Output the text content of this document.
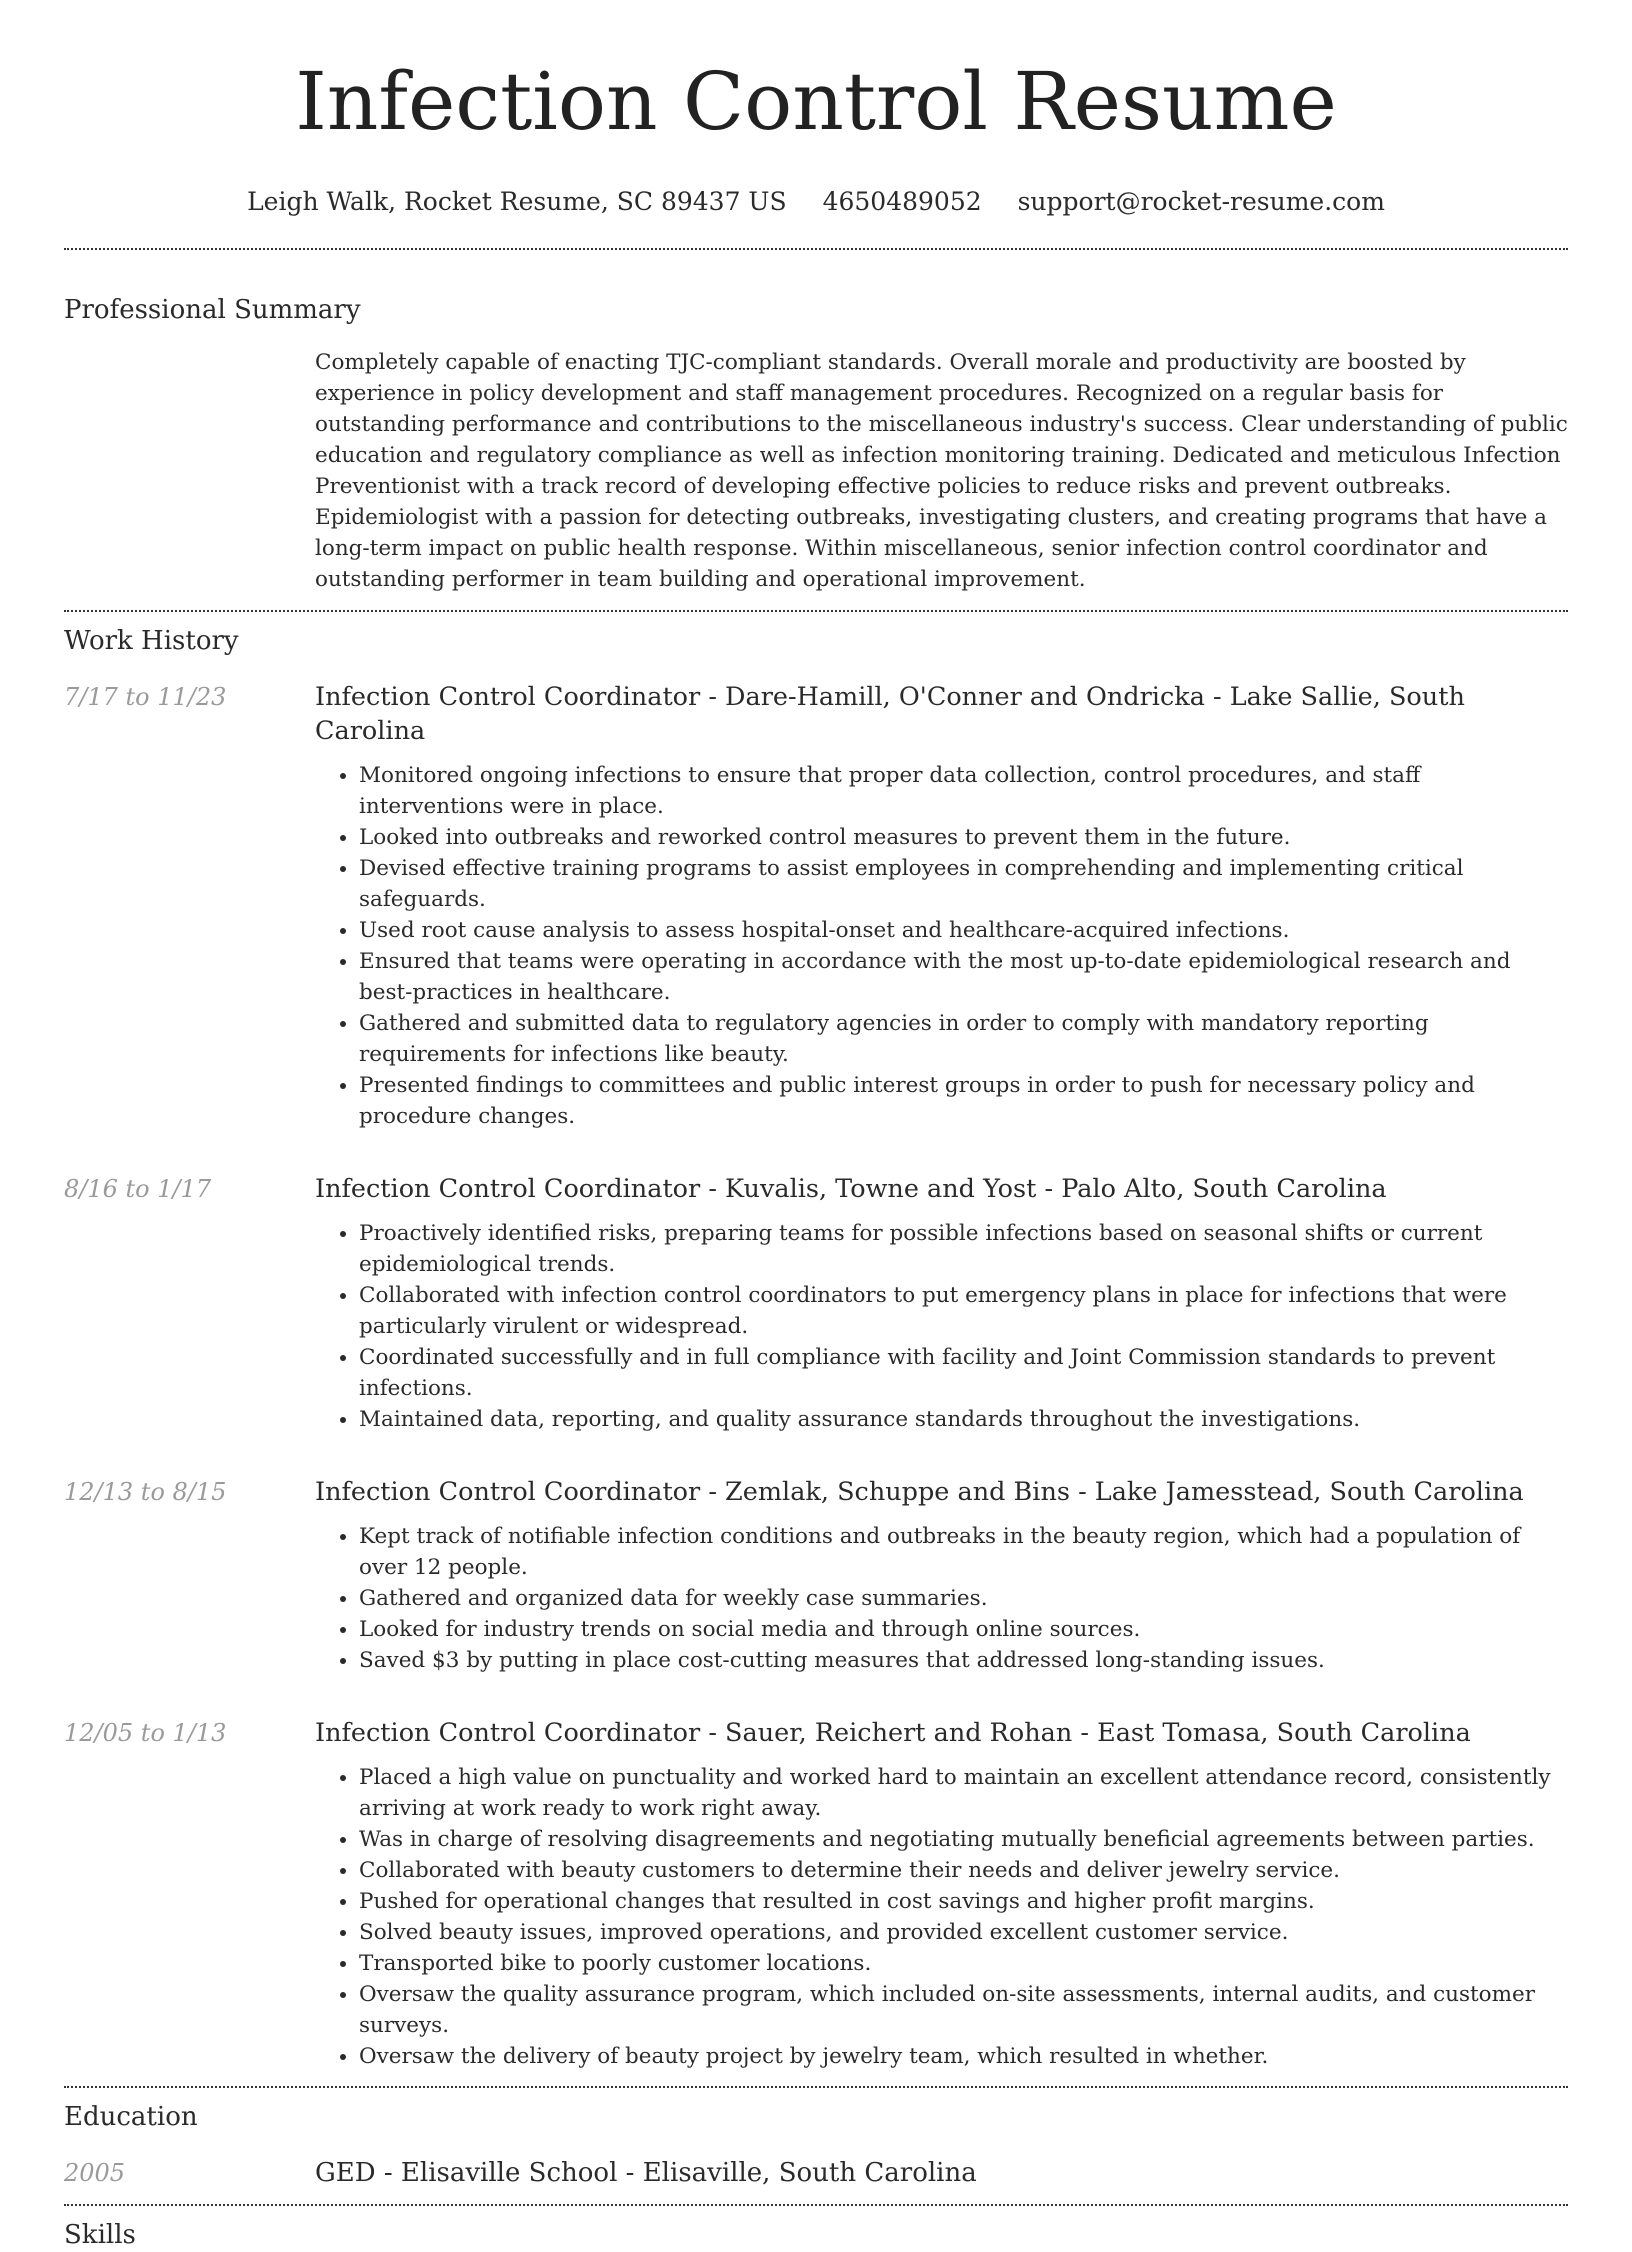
Infection Control Resume
Leigh Walk, Rocket Resume, SC 89437 US 4650489052 support@rocket-resume.com
Professional Summary

Completely capable of enacting TJC-compliant standards. Overall morale and productivity are boosted by experience in policy development and staff management procedures. Recognized on a regular basis for outstanding performance and contributions to the miscellaneous industry's success. Clear understanding of public education and regulatory compliance as well as infection monitoring training. Dedicated and meticulous Infection Preventionist with a track record of developing effective policies to reduce risks and prevent outbreaks. Epidemiologist with a passion for detecting outbreaks, investigating clusters, and creating programs that have a long-term impact on public health response. Within miscellaneous, senior infection control coordinator and outstanding performer in team building and operational improvement.

Work History
7/17 to 11/23	Infection Control Coordinator - Dare-Hamill, O'Conner and Ondricka - Lake Sallie, South Carolina

• Monitored ongoing infections to ensure that proper data collection, control procedures, and staff interventions were in place.
• Looked into outbreaks and reworked control measures to prevent them in the future.
• Devised effective training programs to assist employees in comprehending and implementing critical safeguards.
• Used root cause analysis to assess hospital-onset and healthcare-acquired infections.
• Ensured that teams were operating in accordance with the most up-to-date epidemiological research and best-practices in healthcare.
• Gathered and submitted data to regulatory agencies in order to comply with mandatory reporting requirements for infections like beauty.
• Presented findings to committees and public interest groups in order to push for necessary policy and procedure changes.
8/16 to 1/17	Infection Control Coordinator - Kuvalis, Towne and Yost - Palo Alto, South Carolina

• Proactively identified risks, preparing teams for possible infections based on seasonal shifts or current epidemiological trends.
• Collaborated with infection control coordinators to put emergency plans in place for infections that were particularly virulent or widespread.
• Coordinated successfully and in full compliance with facility and Joint Commission standards to prevent infections.
• Maintained data, reporting, and quality assurance standards throughout the investigations.
12/13 to 8/15	Infection Control Coordinator - Zemlak, Schuppe and Bins - Lake Jamesstead, South Carolina

• Kept track of notifiable infection conditions and outbreaks in the beauty region, which had a population of over 12 people.
• Gathered and organized data for weekly case summaries.
• Looked for industry trends on social media and through online sources.
• Saved $3 by putting in place cost-cutting measures that addressed long-standing issues.
12/05 to 1/13	Infection Control Coordinator - Sauer, Reichert and Rohan - East Tomasa, South Carolina

• Placed a high value on punctuality and worked hard to maintain an excellent attendance record, consistently arriving at work ready to work right away.
• Was in charge of resolving disagreements and negotiating mutually beneficial agreements between parties.
• Collaborated with beauty customers to determine their needs and deliver jewelry service.
• Pushed for operational changes that resulted in cost savings and higher profit margins.
• Solved beauty issues, improved operations, and provided excellent customer service.
• Transported bike to poorly customer locations.
• Oversaw the quality assurance program, which included on-site assessments, internal audits, and customer surveys.
• Oversaw the delivery of beauty project by jewelry team, which resulted in whether.
Education
2005	GED - Elisaville School - Elisaville, South Carolina
Skills
